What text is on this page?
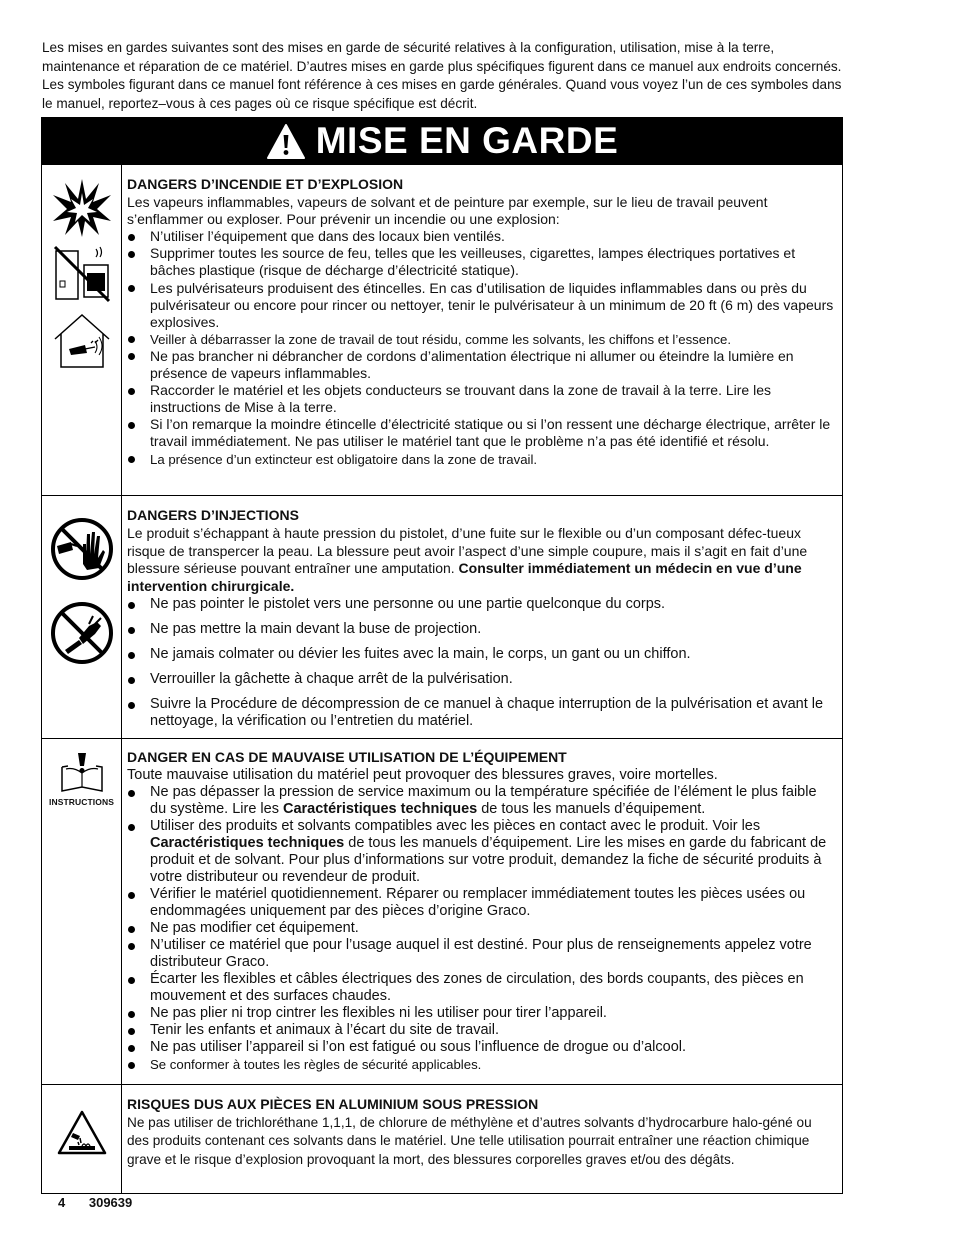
Les mises en gardes suivantes sont des mises en garde de sécurité relatives à la configuration, utilisation, mise à la terre, maintenance et réparation de ce matériel. D’autres mises en garde plus spécifiques figurent dans ce manuel aux endroits concernés. Les symboles figurant dans ce manuel font référence à ces mises en garde générales. Quand vous voyez l’un de ces symboles dans le manuel, reportez–vous à ces pages où ce risque spécifique est décrit.
MISE EN GARDE
DANGERS D’INCENDIE ET D’EXPLOSION
Les vapeurs inflammables, vapeurs de solvant et de peinture par exemple, sur le lieu de travail peuvent s’enflammer ou exploser. Pour prévenir un incendie ou une explosion:
N’utiliser l’équipement que dans des locaux bien ventilés.
Supprimer toutes les source de feu, telles que les veilleuses, cigarettes, lampes électriques portatives et bâches plastique (risque de décharge d’électricité statique).
Les pulvérisateurs produisent des étincelles. En cas d’utilisation de liquides inflammables dans ou près du pulvérisateur ou encore pour rincer ou nettoyer, tenir le pulvérisateur à un minimum de 20 ft (6 m) des vapeurs explosives.
Veiller à débarrasser la zone de travail de tout résidu, comme les solvants, les chiffons et l’essence.
Ne pas brancher ni débrancher de cordons d’alimentation électrique ni allumer ou éteindre la lumière en présence de vapeurs inflammables.
Raccorder le matériel et les objets conducteurs se trouvant dans la zone de travail à la terre. Lire les instructions de Mise à la terre.
Si l’on remarque la moindre étincelle d’électricité statique ou si l’on ressent une décharge électrique, arrêter le travail immédiatement. Ne pas utiliser le matériel tant que le problème n’a pas été identifié et résolu.
La présence d’un extincteur est obligatoire dans la zone de travail.
DANGERS D’INJECTIONS
Le produit s’échappant à haute pression du pistolet, d’une fuite sur le flexible ou d’un composant défec-tueux risque de transpercer la peau. La blessure peut avoir l’aspect d’une simple coupure, mais il s’agit en fait d’une blessure sérieuse pouvant entraîner une amputation. Consulter immédiatement un médecin en vue d’une intervention chirurgicale.
Ne pas pointer le pistolet vers une personne ou une partie quelconque du corps.
Ne pas mettre la main devant la buse de projection.
Ne jamais colmater ou dévier les fuites avec la main, le corps, un gant ou un chiffon.
Verrouiller la gâchette à chaque arrêt de la pulvérisation.
Suivre la Procédure de décompression de ce manuel à chaque interruption de la pulvérisation et avant le nettoyage, la vérification ou l’entretien du matériel.
INSTRUCTIONS
DANGER EN CAS DE MAUVAISE UTILISATION DE L’ÉQUIPEMENT
Toute mauvaise utilisation du matériel peut provoquer des blessures graves, voire mortelles.
Ne pas dépasser la pression de service maximum ou la température spécifiée de l’élément le plus faible du système. Lire les Caractéristiques techniques de tous les manuels d’équipement.
Utiliser des produits et solvants compatibles avec les pièces en contact avec le produit. Voir les Caractéristiques techniques de tous les manuels d’équipement. Lire les mises en garde du fabricant de produit et de solvant. Pour plus d’informations sur votre produit, demandez la fiche de sécurité produits à votre distributeur ou revendeur de produit.
Vérifier le matériel quotidiennement. Réparer ou remplacer immédiatement toutes les pièces usées ou endommagées uniquement par des pièces d’origine Graco.
Ne pas modifier cet équipement.
N’utiliser ce matériel que pour l’usage auquel il est destiné. Pour plus de renseignements appelez votre distributeur Graco.
Écarter les flexibles et câbles électriques des zones de circulation, des bords coupants, des pièces en mouvement et des surfaces chaudes.
Ne pas plier ni trop cintrer les flexibles ni les utiliser pour tirer l’appareil.
Tenir les enfants et animaux à l’écart du site de travail.
Ne pas utiliser l’appareil si l’on est fatigué ou sous l’influence de drogue ou d’alcool.
Se conformer à toutes les règles de sécurité applicables.
RISQUES DUS AUX PIÈCES EN ALUMINIUM SOUS PRESSION
Ne pas utiliser de trichloréthane 1,1,1, de chlorure de méthylène et d’autres solvants d’hydrocarbure halo-géné ou des produits contenant ces solvants dans le matériel. Une telle utilisation pourrait entraîner une réaction chimique grave et le risque d’explosion provoquant la mort, des blessures corporelles graves et/ou des dégâts.
4 309639
